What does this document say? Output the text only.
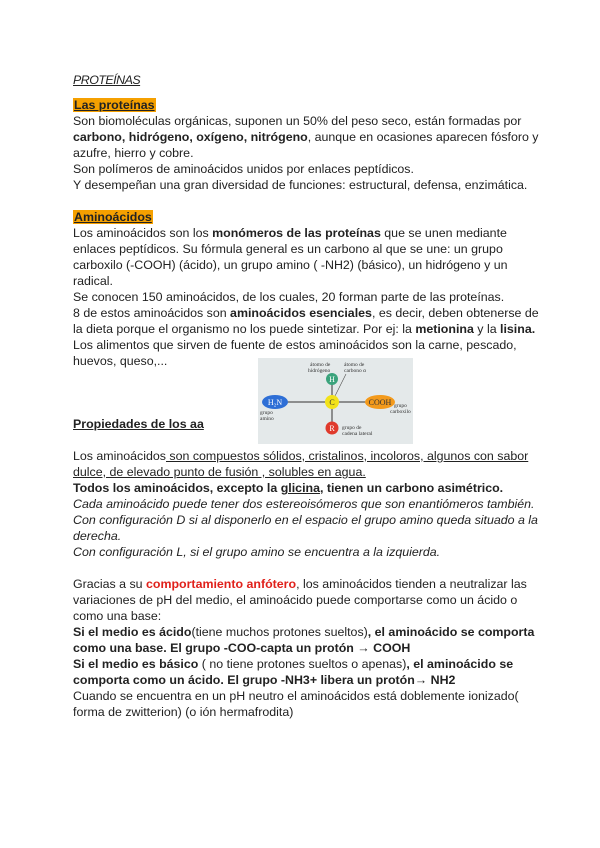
PROTEÍNAS
Las proteínas
Son biomoléculas orgánicas, suponen un 50% del peso seco, están formadas por
carbono, hidrógeno, oxígeno, nitrógeno, aunque en ocasiones aparecen fósforo y
azufre, hierro y cobre.
Son polímeros de aminoácidos unidos por enlaces peptídicos.
Y desempeñan una gran diversidad de funciones: estructural, defensa, enzimática.
Aminoácidos
Los aminoácidos son los monómeros de las proteínas que se unen mediante
enlaces peptídicos. Su fórmula general es un carbono al que se une: un grupo
carboxilo (-COOH) (ácido), un grupo amino ( -NH2) (básico), un hidrógeno y un
radical.
Se conocen 150 aminoácidos, de los cuales, 20 forman parte de las proteínas.
8 de estos aminoácidos son aminoácidos esenciales, es decir, deben obtenerse de
la dieta porque el organismo no los puede sintetizar. Por ej: la metionina y la lisina.
Los alimentos que sirven de fuente de estos aminoácidos son la carne, pescado,
huevos, queso,...
H
átomo de
hidrógeno
átomo de
carbono α
C
H₂N
grupo
amino
COOH grupo
carboxilo
R grupo de
cadena lateral
Propiedades de los aa
Los aminoácidos son compuestos sólidos, cristalinos, incoloros, algunos con sabor
dulce, de elevado punto de fusión , solubles en agua.
Todos los aminoácidos, excepto la glicina, tienen un carbono asimétrico.
Cada aminoácido puede tener dos estereoisómeros que son enantiómeros también.
Con configuración D si al disponerlo en el espacio el grupo amino queda situado a la
derecha.
Con configuración L, si el grupo amino se encuentra a la izquierda.
Gracias a su comportamiento anfótero, los aminoácidos tienden a neutralizar las
variaciones de pH del medio, el aminoácido puede comportarse como un ácido o
como una base:
Si el medio es ácido(tiene muchos protones sueltos), el aminoácido se comporta
como una base. El grupo -COO-capta un protón → COOH
Si el medio es básico ( no tiene protones sueltos o apenas), el aminoácido se
comporta como un ácido. El grupo -NH3+ libera un protón→ NH2
Cuando se encuentra en un pH neutro el aminoácidos está doblemente ionizado(
forma de zwitterion) (o ión hermafrodita)
